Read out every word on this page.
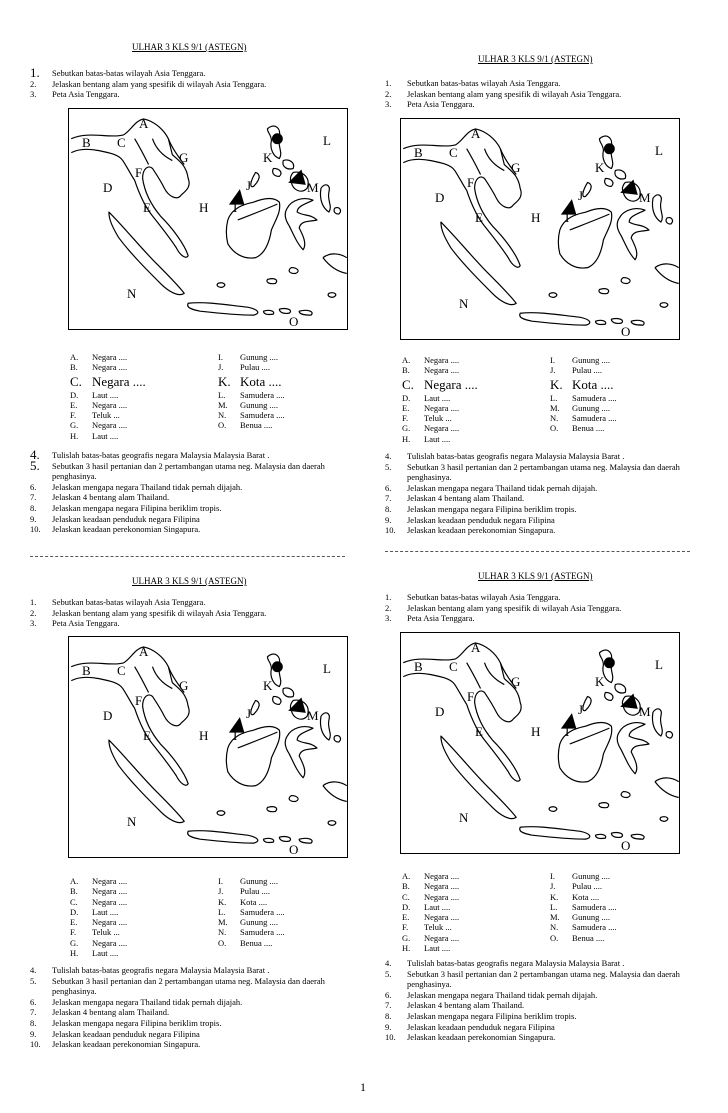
ULHAR 3 KLS 9/1 (ASTEGN)
1.	Sebutkan batas-batas wilayah Asia Tenggara.
2.	Jelaskan bentang alam yang spesifik di wilayah Asia Tenggara.
3.	Peta Asia Tenggara.
A
B C
D
E
F
G
H I
J
K
L
M
N
O
A.	Negara ....	I.	Gunung ....
B.	Negara ....	J.	Pulau ....
C. Negara ....	K. Kota ....
D.	Laut ....	L.	Samudera ....
E.	Negara ....	M.	Gunung ....
F.	Teluk ...	N.	Samudera ....
G.	Negara ....	O.	Benua ....
H.	Laut ....
4.	Tulislah batas-batas geografis negara Malaysia Malaysia Barat .
5.	Sebutkan 3 hasil pertanian dan 2 pertambangan utama neg. Malaysia dan daerah penghasinya.
6.	Jelaskan mengapa negara Thailand tidak pernah dijajah.
7.	Jelaskan 4 bentang alam Thailand.
8.	Jelaskan mengapa negara Filipina beriklim tropis.
9.	Jelaskan keadaan penduduk negara Filipina
10.	Jelaskan keadaan perekonomian Singapura.
ULHAR 3 KLS 9/1 (ASTEGN)
1.	Sebutkan batas-batas wilayah Asia Tenggara.
2.	Jelaskan bentang alam yang spesifik di wilayah Asia Tenggara.
3.	Peta Asia Tenggara.
A
B C
D
E
F
G
H I
J
K
L
M
N
O
A.	Negara ....	I.	Gunung ....
B.	Negara ....	J.	Pulau ....
C. Negara ....	K. Kota ....
D.	Laut ....	L.	Samudera ....
E.	Negara ....	M.	Gunung ....
F.	Teluk ...	N.	Samudera ....
G.	Negara ....	O.	Benua ....
H.	Laut ....
4.	Tulislah batas-batas geografis negara Malaysia Malaysia Barat .
5.	Sebutkan 3 hasil pertanian dan 2 pertambangan utama neg. Malaysia dan daerah penghasinya.
6.	Jelaskan mengapa negara Thailand tidak pernah dijajah.
7.	Jelaskan 4 bentang alam Thailand.
8.	Jelaskan mengapa negara Filipina beriklim tropis.
9.	Jelaskan keadaan penduduk negara Filipina
10.	Jelaskan keadaan perekonomian Singapura.
ULHAR 3 KLS 9/1 (ASTEGN)
1.	Sebutkan batas-batas wilayah Asia Tenggara.
2.	Jelaskan bentang alam yang spesifik di wilayah Asia Tenggara.
3.	Peta Asia Tenggara.
A
B C
D
E
F
G
H I
J
K
L
M
N
O
A.	Negara ....	I.	Gunung ....
B.	Negara ....	J.	Pulau ....
C.	Negara ....	K.	Kota ....
D.	Laut ....	L.	Samudera ....
E.	Negara ....	M.	Gunung ....
F.	Teluk ...	N.	Samudera ....
G.	Negara ....	O.	Benua ....
H.	Laut ....
4.	Tulislah batas-batas geografis negara Malaysia Malaysia Barat .
5.	Sebutkan 3 hasil pertanian dan 2 pertambangan utama neg. Malaysia dan daerah penghasinya.
6.	Jelaskan mengapa negara Thailand tidak pernah dijajah.
7.	Jelaskan 4 bentang alam Thailand.
8.	Jelaskan mengapa negara Filipina beriklim tropis.
9.	Jelaskan keadaan penduduk negara Filipina
10.	Jelaskan keadaan perekonomian Singapura.
ULHAR 3 KLS 9/1 (ASTEGN)
1.	Sebutkan batas-batas wilayah Asia Tenggara.
2.	Jelaskan bentang alam yang spesifik di wilayah Asia Tenggara.
3.	Peta Asia Tenggara.
A
B C
D
E
F
G
H I
J
K
L
M
N
O
A.	Negara ....	I.	Gunung ....
B.	Negara ....	J.	Pulau ....
C.	Negara ....	K.	Kota ....
D.	Laut ....	L.	Samudera ....
E.	Negara ....	M.	Gunung ....
F.	Teluk ...	N.	Samudera ....
G.	Negara ....	O.	Benua ....
H.	Laut ....
4.	Tulislah batas-batas geografis negara Malaysia Malaysia Barat .
5.	Sebutkan 3 hasil pertanian dan 2 pertambangan utama neg. Malaysia dan daerah penghasinya.
6.	Jelaskan mengapa negara Thailand tidak pernah dijajah.
7.	Jelaskan 4 bentang alam Thailand.
8.	Jelaskan mengapa negara Filipina beriklim tropis.
9.	Jelaskan keadaan penduduk negara Filipina
10.	Jelaskan keadaan perekonomian Singapura.
1
